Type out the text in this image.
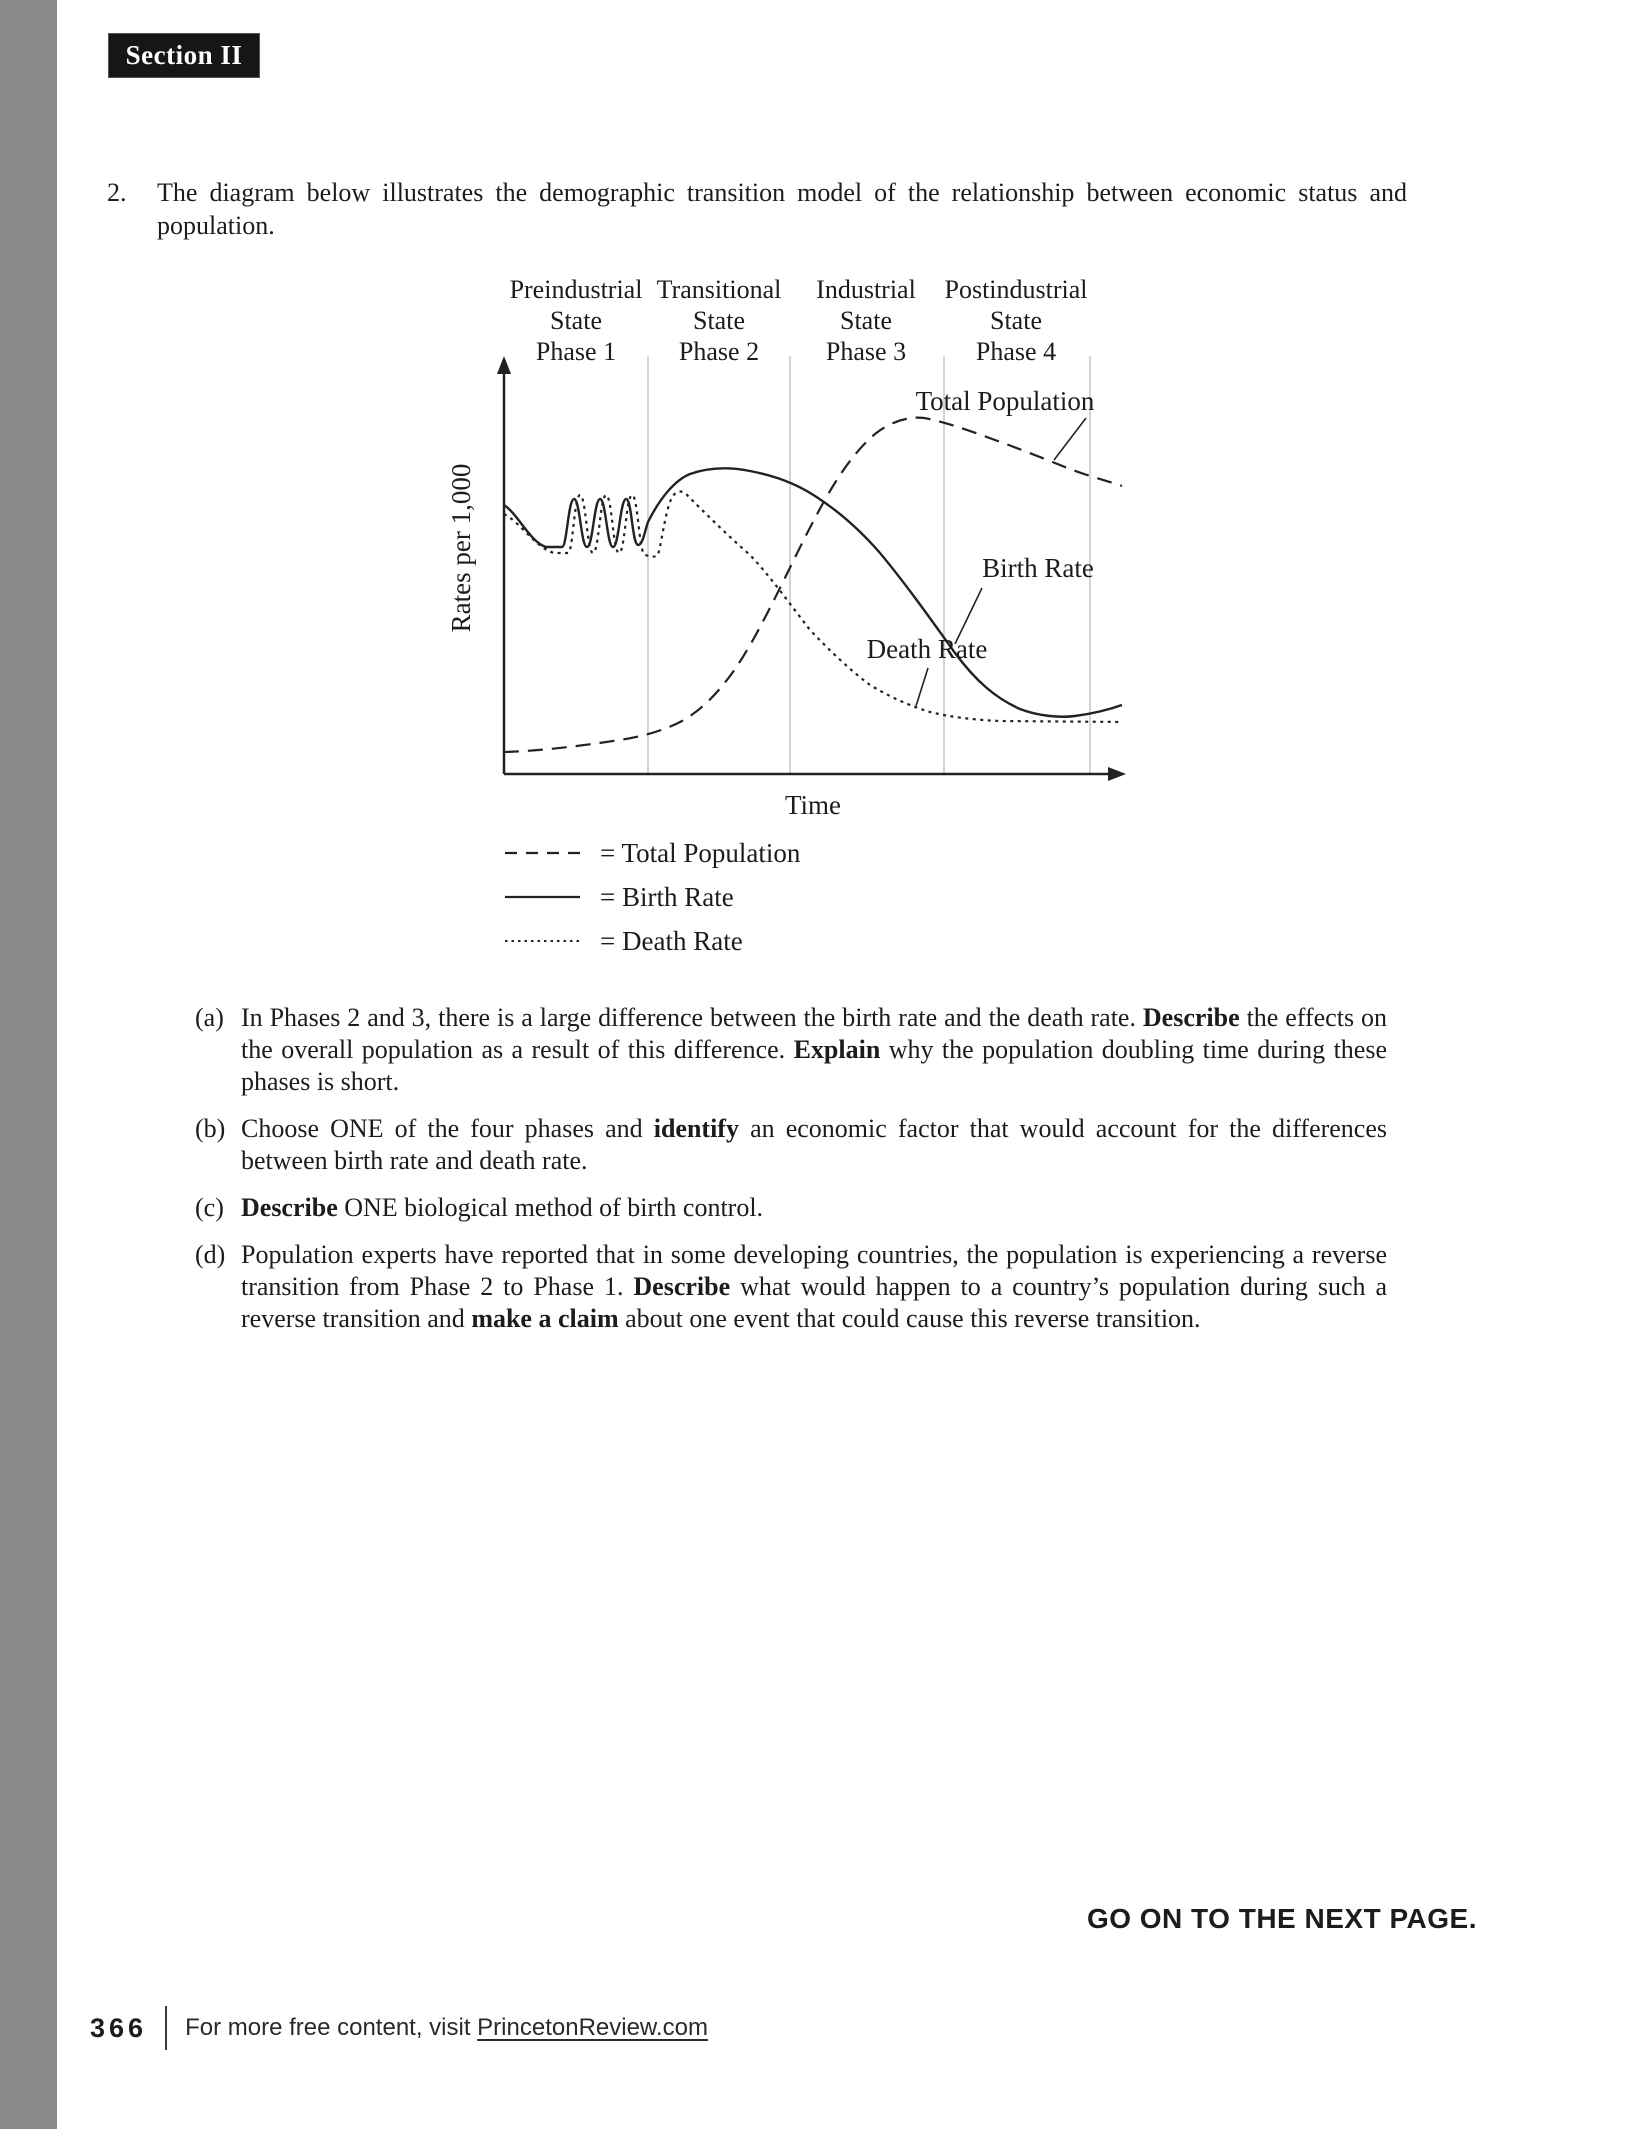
Section II
2.	The diagram below illustrates the demographic transition model of the relationship between economic status and population.
Preindustrial
State
Phase 1
Transitional
State
Phase 2
Industrial
State
Phase 3
Postindustrial
State
Phase 4
Rates per 1,000
Total Population
Birth Rate
Death Rate
Time
= Total Population
= Birth Rate
= Death Rate
(a) In Phases 2 and 3, there is a large difference between the birth rate and the death rate. Describe the effects on the overall population as a result of this difference. Explain why the population doubling time during these phases is short.
(b) Choose ONE of the four phases and identify an economic factor that would account for the differences between birth rate and death rate.
(c) Describe ONE biological method of birth control.
(d) Population experts have reported that in some developing countries, the population is experiencing a reverse transition from Phase 2 to Phase 1. Describe what would happen to a country’s population during such a reverse transition and make a claim about one event that could cause this reverse transition.
GO ON TO THE NEXT PAGE.
366 For more free content, visit PrincetonReview.com
